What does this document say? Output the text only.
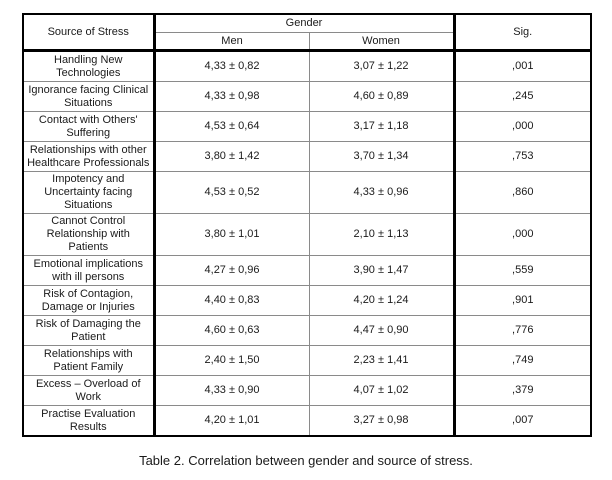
Source of Stress	Gender		Sig.
	Men	Women	
Handling New Technologies	4,33 ± 0,82	3,07 ± 1,22	,001
Ignorance facing Clinical Situations	4,33 ± 0,98	4,60 ± 0,89	,245
Contact with Others' Suffering	4,53 ± 0,64	3,17 ± 1,18	,000
Relationships with other Healthcare Professionals	3,80 ± 1,42	3,70 ± 1,34	,753
Impotency and Uncertainty facing Situations	4,53 ± 0,52	4,33 ± 0,96	,860
Cannot Control Relationship with Patients	3,80 ± 1,01	2,10 ± 1,13	,000
Emotional implications with ill persons	4,27 ± 0,96	3,90 ± 1,47	,559
Risk of Contagion, Damage or Injuries	4,40 ± 0,83	4,20 ± 1,24	,901
Risk of Damaging the Patient	4,60 ± 0,63	4,47 ± 0,90	,776
Relationships with Patient Family	2,40 ± 1,50	2,23 ± 1,41	,749
Excess – Overload of Work	4,33 ± 0,90	4,07 ± 1,02	,379
Practise Evaluation Results	4,20 ± 1,01	3,27 ± 0,98	,007
Table 2. Correlation between gender and source of stress.
